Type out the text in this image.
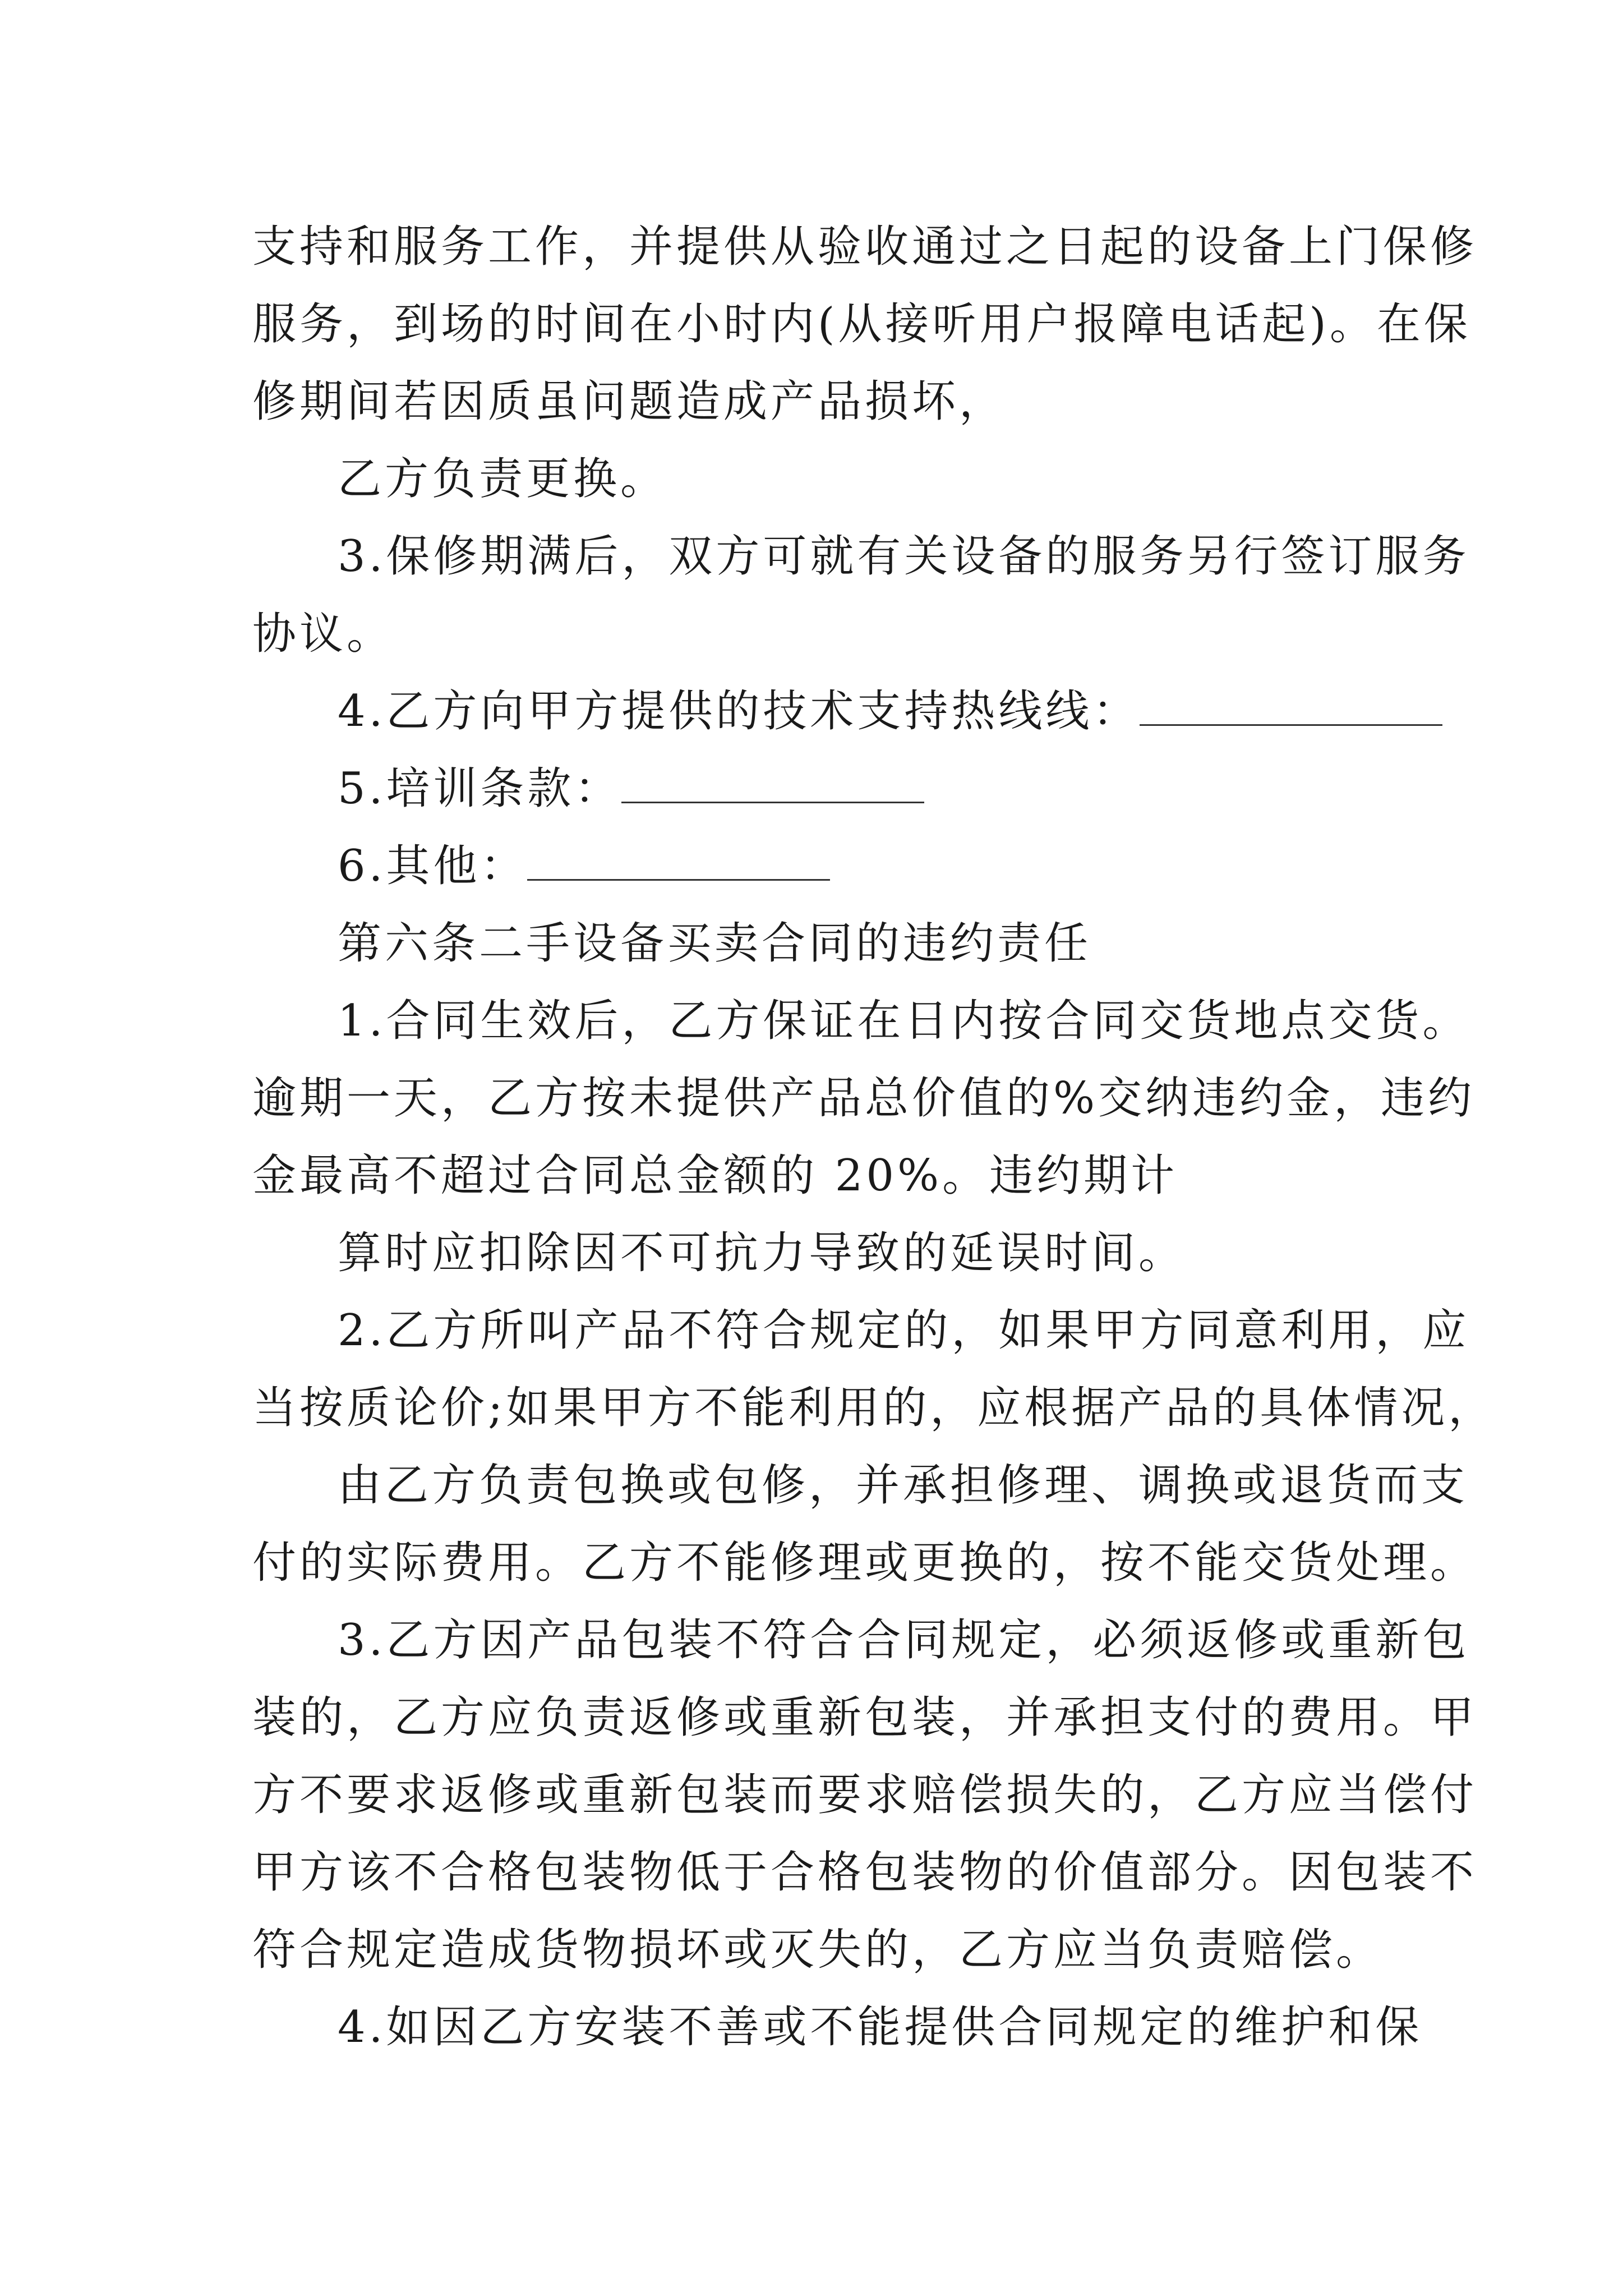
支持和服务工作，并提供从验收通过之日起的设备上门保修
服务，到场的时间在小时内(从接听用户报障电话起)。在保
修期间若因质虽问题造成产品损坏，
乙方负责更换。
3.保修期满后，双方可就有关设备的服务另行签订服务
协议。
4.乙方向甲方提供的技术支持热线线：
5.培训条款：
6.其他：
第六条二手设备买卖合同的违约责任
1.合同生效后，乙方保证在日内按合同交货地点交货。
逾期一天，乙方按未提供产品总价值的%交纳违约金，违约
金最高不超过合同总金额的 20%。违约期计
算时应扣除因不可抗力导致的延误时间。
2.乙方所叫产品不符合规定的，如果甲方同意利用，应
当按质论价;如果甲方不能利用的，应根据产品的具体情况，
由乙方负责包换或包修，并承担修理、调换或退货而支
付的实际费用。乙方不能修理或更换的，按不能交货处理。
3.乙方因产品包装不符合合同规定，必须返修或重新包
装的，乙方应负责返修或重新包装，并承担支付的费用。甲
方不要求返修或重新包装而要求赔偿损失的，乙方应当偿付
甲方该不合格包装物低于合格包装物的价值部分。因包装不
符合规定造成货物损坏或灭失的，乙方应当负责赔偿。
4.如因乙方安装不善或不能提供合同规定的维护和保
